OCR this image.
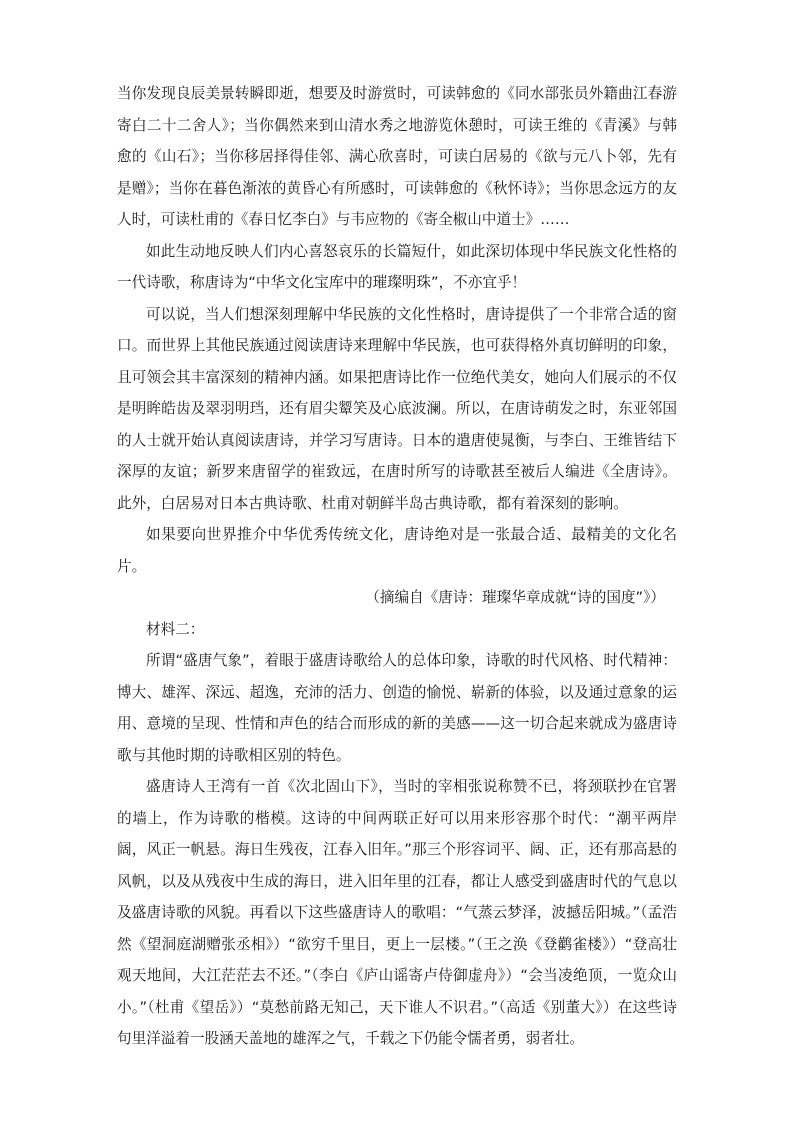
当你发现良辰美景转瞬即逝，想要及时游赏时，可读韩愈的《同水部张员外籍曲江春游寄白二十二舍人》；当你偶然来到山清水秀之地游览休憩时，可读王维的《青溪》与韩愈的《山石》；当你移居择得佳邻、满心欣喜时，可读白居易的《欲与元八卜邻，先有是赠》；当你在暮色渐浓的黄昏心有所感时，可读韩愈的《秋怀诗》；当你思念远方的友人时，可读杜甫的《春日忆李白》与韦应物的《寄全椒山中道士》……

如此生动地反映人们内心喜怒哀乐的长篇短什，如此深切体现中华民族文化性格的一代诗歌，称唐诗为“中华文化宝库中的璀璨明珠”，不亦宜乎！

可以说，当人们想深刻理解中华民族的文化性格时，唐诗提供了一个非常合适的窗口。而世界上其他民族通过阅读唐诗来理解中华民族，也可获得格外真切鲜明的印象，且可领会其丰富深刻的精神内涵。如果把唐诗比作一位绝代美女，她向人们展示的不仅是明眸皓齿及翠羽明珰，还有眉尖颦笑及心底波澜。所以，在唐诗萌发之时，东亚邻国的人士就开始认真阅读唐诗，并学习写唐诗。日本的遣唐使晁衡，与李白、王维皆结下深厚的友谊；新罗来唐留学的崔致远，在唐时所写的诗歌甚至被后人编进《全唐诗》。此外，白居易对日本古典诗歌、杜甫对朝鲜半岛古典诗歌，都有着深刻的影响。

如果要向世界推介中华优秀传统文化，唐诗绝对是一张最合适、最精美的文化名片。

（摘编自《唐诗：璀璨华章成就“诗的国度”》）

材料二：

所谓“盛唐气象”，着眼于盛唐诗歌给人的总体印象，诗歌的时代风格、时代精神：博大、雄浑、深远、超逸，充沛的活力、创造的愉悦、崭新的体验，以及通过意象的运用、意境的呈现、性情和声色的结合而形成的新的美感——这一切合起来就成为盛唐诗歌与其他时期的诗歌相区别的特色。

盛唐诗人王湾有一首《次北固山下》，当时的宰相张说称赞不已，将颈联抄在官署的墙上，作为诗歌的楷模。这诗的中间两联正好可以用来形容那个时代：“潮平两岸阔，风正一帆悬。海日生残夜，江春入旧年。”那三个形容词平、阔、正，还有那高悬的风帆，以及从残夜中生成的海日，进入旧年里的江春，都让人感受到盛唐时代的气息以及盛唐诗歌的风貌。再看以下这些盛唐诗人的歌唱：“气蒸云梦泽，波撼岳阳城。”（孟浩然《望洞庭湖赠张丞相》）“欲穷千里目，更上一层楼。”（王之涣《登鹳雀楼》）“登高壮观天地间，大江茫茫去不还。”（李白《庐山谣寄卢侍御虚舟》）“会当凌绝顶，一览众山小。”（杜甫《望岳》）“莫愁前路无知己，天下谁人不识君。”（高适《别董大》）在这些诗句里洋溢着一股涵天盖地的雄浑之气，千载之下仍能令懦者勇，弱者壮。
